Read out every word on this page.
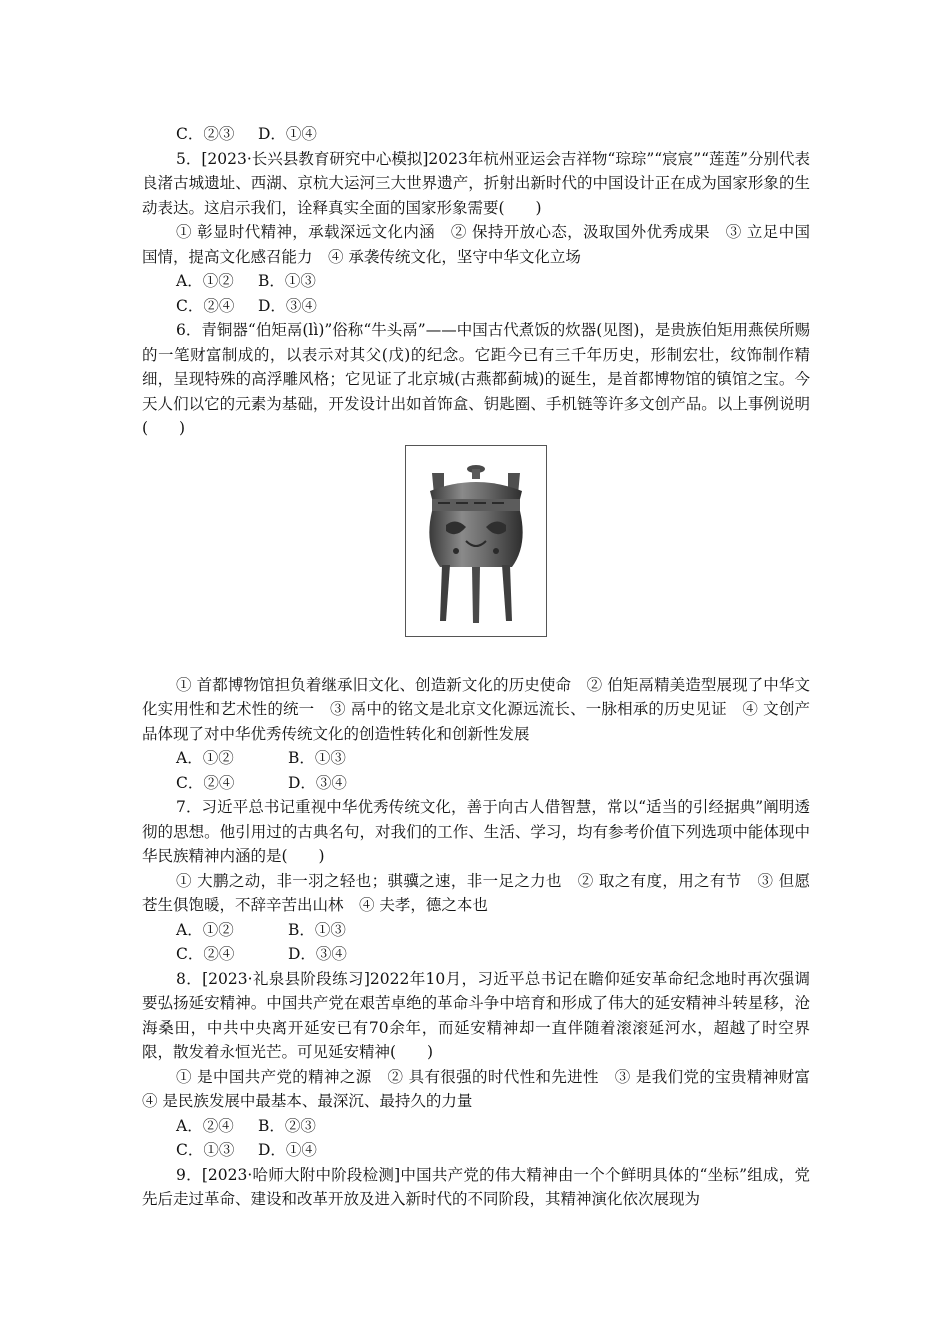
C．②③ D．①④

5．[2023·长兴县教育研究中心模拟]2023年杭州亚运会吉祥物“琮琮”“宸宸”“莲莲”分别代表良渚古城遗址、西湖、京杭大运河三大世界遗产，折射出新时代的中国设计正在成为国家形象的生动表达。这启示我们，诠释真实全面的国家形象需要(　　)

① 彰显时代精神，承载深远文化内涵　② 保持开放心态，汲取国外优秀成果　③ 立足中国国情，提高文化感召能力　④ 承袭传统文化，坚守中华文化立场

A．①② B．①③
C．②④ D．③④

6．青铜器“伯矩鬲(lì)”俗称“牛头鬲”——中国古代煮饭的炊器(见图)，是贵族伯矩用燕侯所赐的一笔财富制成的，以表示对其父(戊)的纪念。它距今已有三千年历史，形制宏壮，纹饰制作精细，呈现特殊的高浮雕风格；它见证了北京城(古燕都蓟城)的诞生，是首都博物馆的镇馆之宝。今天人们以它的元素为基础，开发设计出如首饰盒、钥匙圈、手机链等许多文创产品。以上事例说明(　　)

① 首都博物馆担负着继承旧文化、创造新文化的历史使命　② 伯矩鬲精美造型展现了中华文化实用性和艺术性的统一　③ 鬲中的铭文是北京文化源远流长、一脉相承的历史见证　④ 文创产品体现了对中华优秀传统文化的创造性转化和创新性发展

A．①②	B．①③
C．②④	D．③④

7．习近平总书记重视中华优秀传统文化，善于向古人借智慧，常以“适当的引经据典”阐明透彻的思想。他引用过的古典名句，对我们的工作、生活、学习，均有参考价值下列选项中能体现中华民族精神内涵的是(　　)

① 大鹏之动，非一羽之轻也；骐骥之速，非一足之力也　② 取之有度，用之有节　③ 但愿苍生俱饱暖，不辞辛苦出山林　④ 夫孝，德之本也

A．①②	B．①③
C．②④	D．③④

8．[2023·礼泉县阶段练习]2022年10月，习近平总书记在瞻仰延安革命纪念地时再次强调要弘扬延安精神。中国共产党在艰苦卓绝的革命斗争中培育和形成了伟大的延安精神斗转星移，沧海桑田，中共中央离开延安已有70余年，而延安精神却一直伴随着滚滚延河水，超越了时空界限，散发着永恒光芒。可见延安精神(　　)

① 是中国共产党的精神之源　② 具有很强的时代性和先进性　③ 是我们党的宝贵精神财富　④ 是民族发展中最基本、最深沉、最持久的力量

A．②④ B．②③
C．①③ D．①④

9．[2023·哈师大附中阶段检测]中国共产党的伟大精神由一个个鲜明具体的“坐标”组成，党先后走过革命、建设和改革开放及进入新时代的不同阶段，其精神演化依次展现为
